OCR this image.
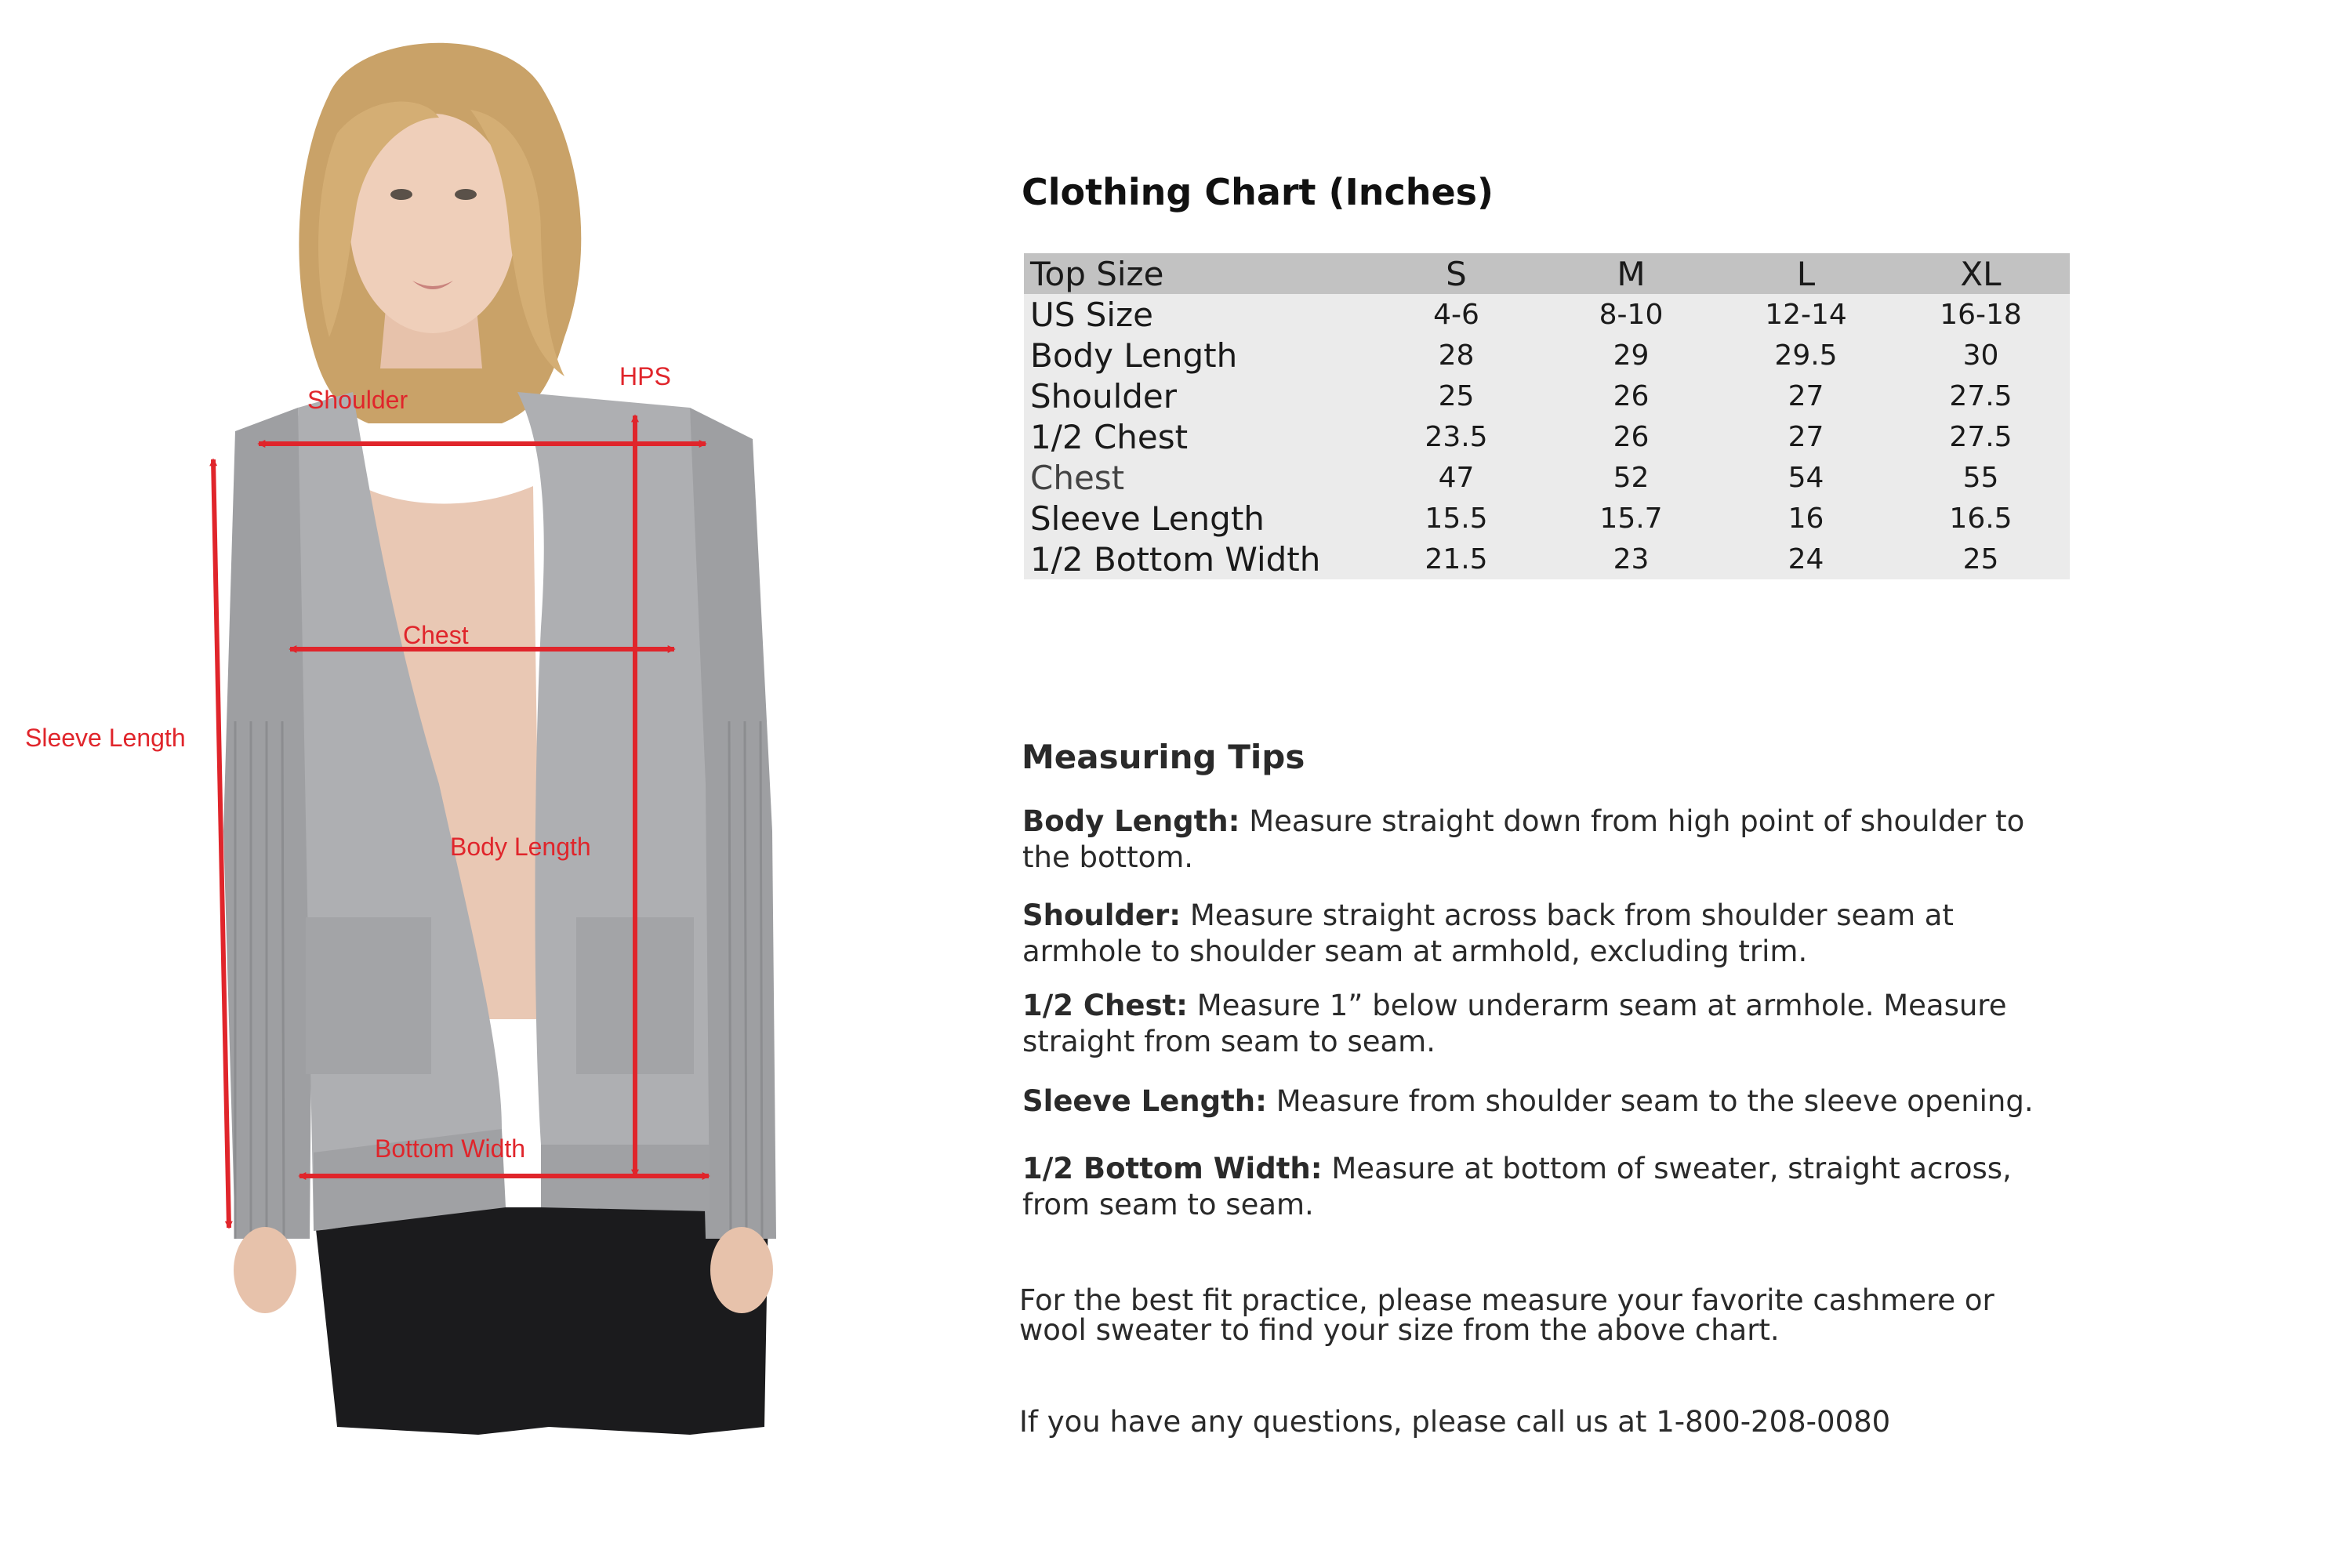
Shoulder
HPS
Chest
Sleeve Length
Body Length
Bottom Width
Clothing Chart (Inches)
Top Size	S	M	L	XL
US Size	4-6	8-10	12-14	16-18
Body Length	28	29	29.5	30
Shoulder	25	26	27	27.5
1/2 Chest	23.5	26	27	27.5
Chest	47	52	54	55
Sleeve Length	15.5	15.7	16	16.5
1/2 Bottom Width	21.5	23	24	25
Measuring Tips
Body Length: Measure straight down from high point of shoulder to the bottom.
Shoulder: Measure straight across back from shoulder seam at armhole to shoulder seam at armhold, excluding trim.
1/2 Chest: Measure 1” below underarm seam at armhole. Measure straight from seam to seam.
Sleeve Length: Measure from shoulder seam to the sleeve opening.
1/2 Bottom Width: Measure at bottom of sweater, straight across, from seam to seam.
For the best fit practice, please measure your favorite cashmere or wool sweater to find your size from the above chart.
If you have any questions, please call us at 1-800-208-0080
